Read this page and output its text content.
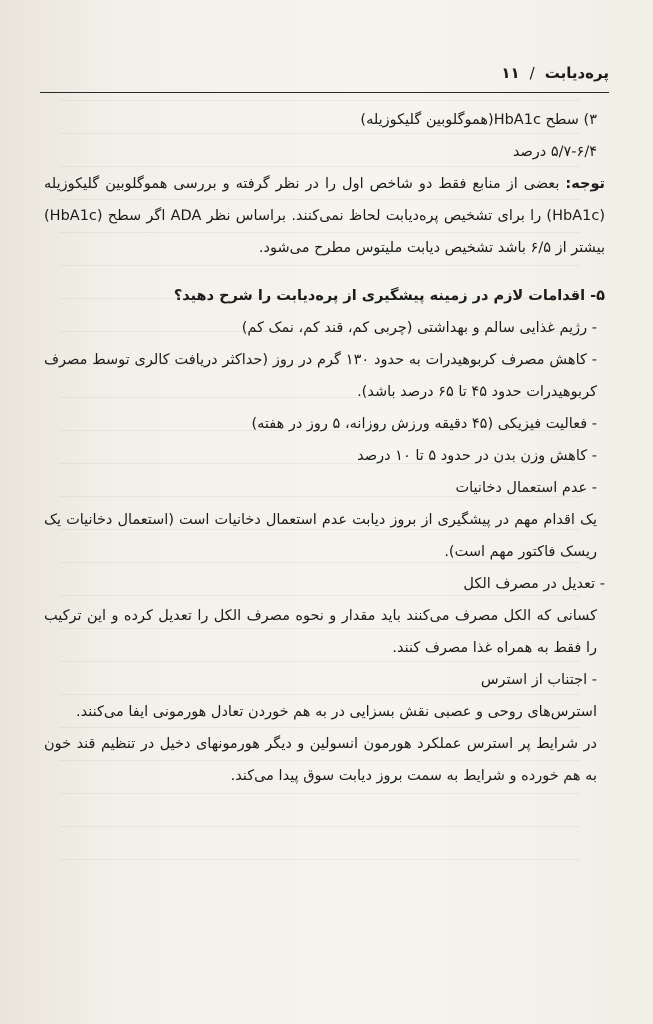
پره‌دیابت
/
۱۱

۳) سطح HbA1c(هموگلوبین گلیکوزیله)

۵/۷-۶/۴ درصد

توجه: بعضی از منابع فقط دو شاخص اول را در نظر گرفته و بررسی هموگلوبین گلیکوزیله (HbA1c) را برای تشخیص پره‌دیابت لحاظ نمی‌کنند. براساس نظر ADA اگر سطح (HbA1c) بیشتر از ۶/۵ باشد تشخیص دیابت ملیتوس مطرح می‌شود.

۵- اقدامات لازم در زمینه پیشگیری از پره‌دیابت را شرح دهید؟

- رژیم غذایی سالم و بهداشتی (چربی کم، قند کم، نمک کم)

- کاهش مصرف کربوهیدرات به حدود ۱۳۰ گرم در روز (حداکثر دریافت کالری توسط مصرف کربوهیدرات حدود ۴۵ تا ۶۵ درصد باشد).

- فعالیت فیزیکی (۴۵ دقیقه ورزش روزانه، ۵ روز در هفته)

- کاهش وزن بدن در حدود ۵ تا ۱۰ درصد

- عدم استعمال دخانیات

یک اقدام مهم در پیشگیری از بروز دیابت عدم استعمال دخانیات است (استعمال دخانیات یک ریسک فاکتور مهم است).

- تعدیل در مصرف الکل

کسانی که الکل مصرف می‌کنند باید مقدار و نحوه مصرف الکل را تعدیل کرده و این ترکیب را فقط به همراه غذا مصرف کنند.

- اجتناب از استرس

استرس‌های روحی و عصبی نقش بسزایی در به هم خوردن تعادل هورمونی ایفا می‌کنند.

در شرایط پر استرس عملکرد هورمون انسولین و دیگر هورمونهای دخیل در تنظیم قند خون به هم خورده و شرایط به سمت بروز دیابت سوق پیدا می‌کند.
